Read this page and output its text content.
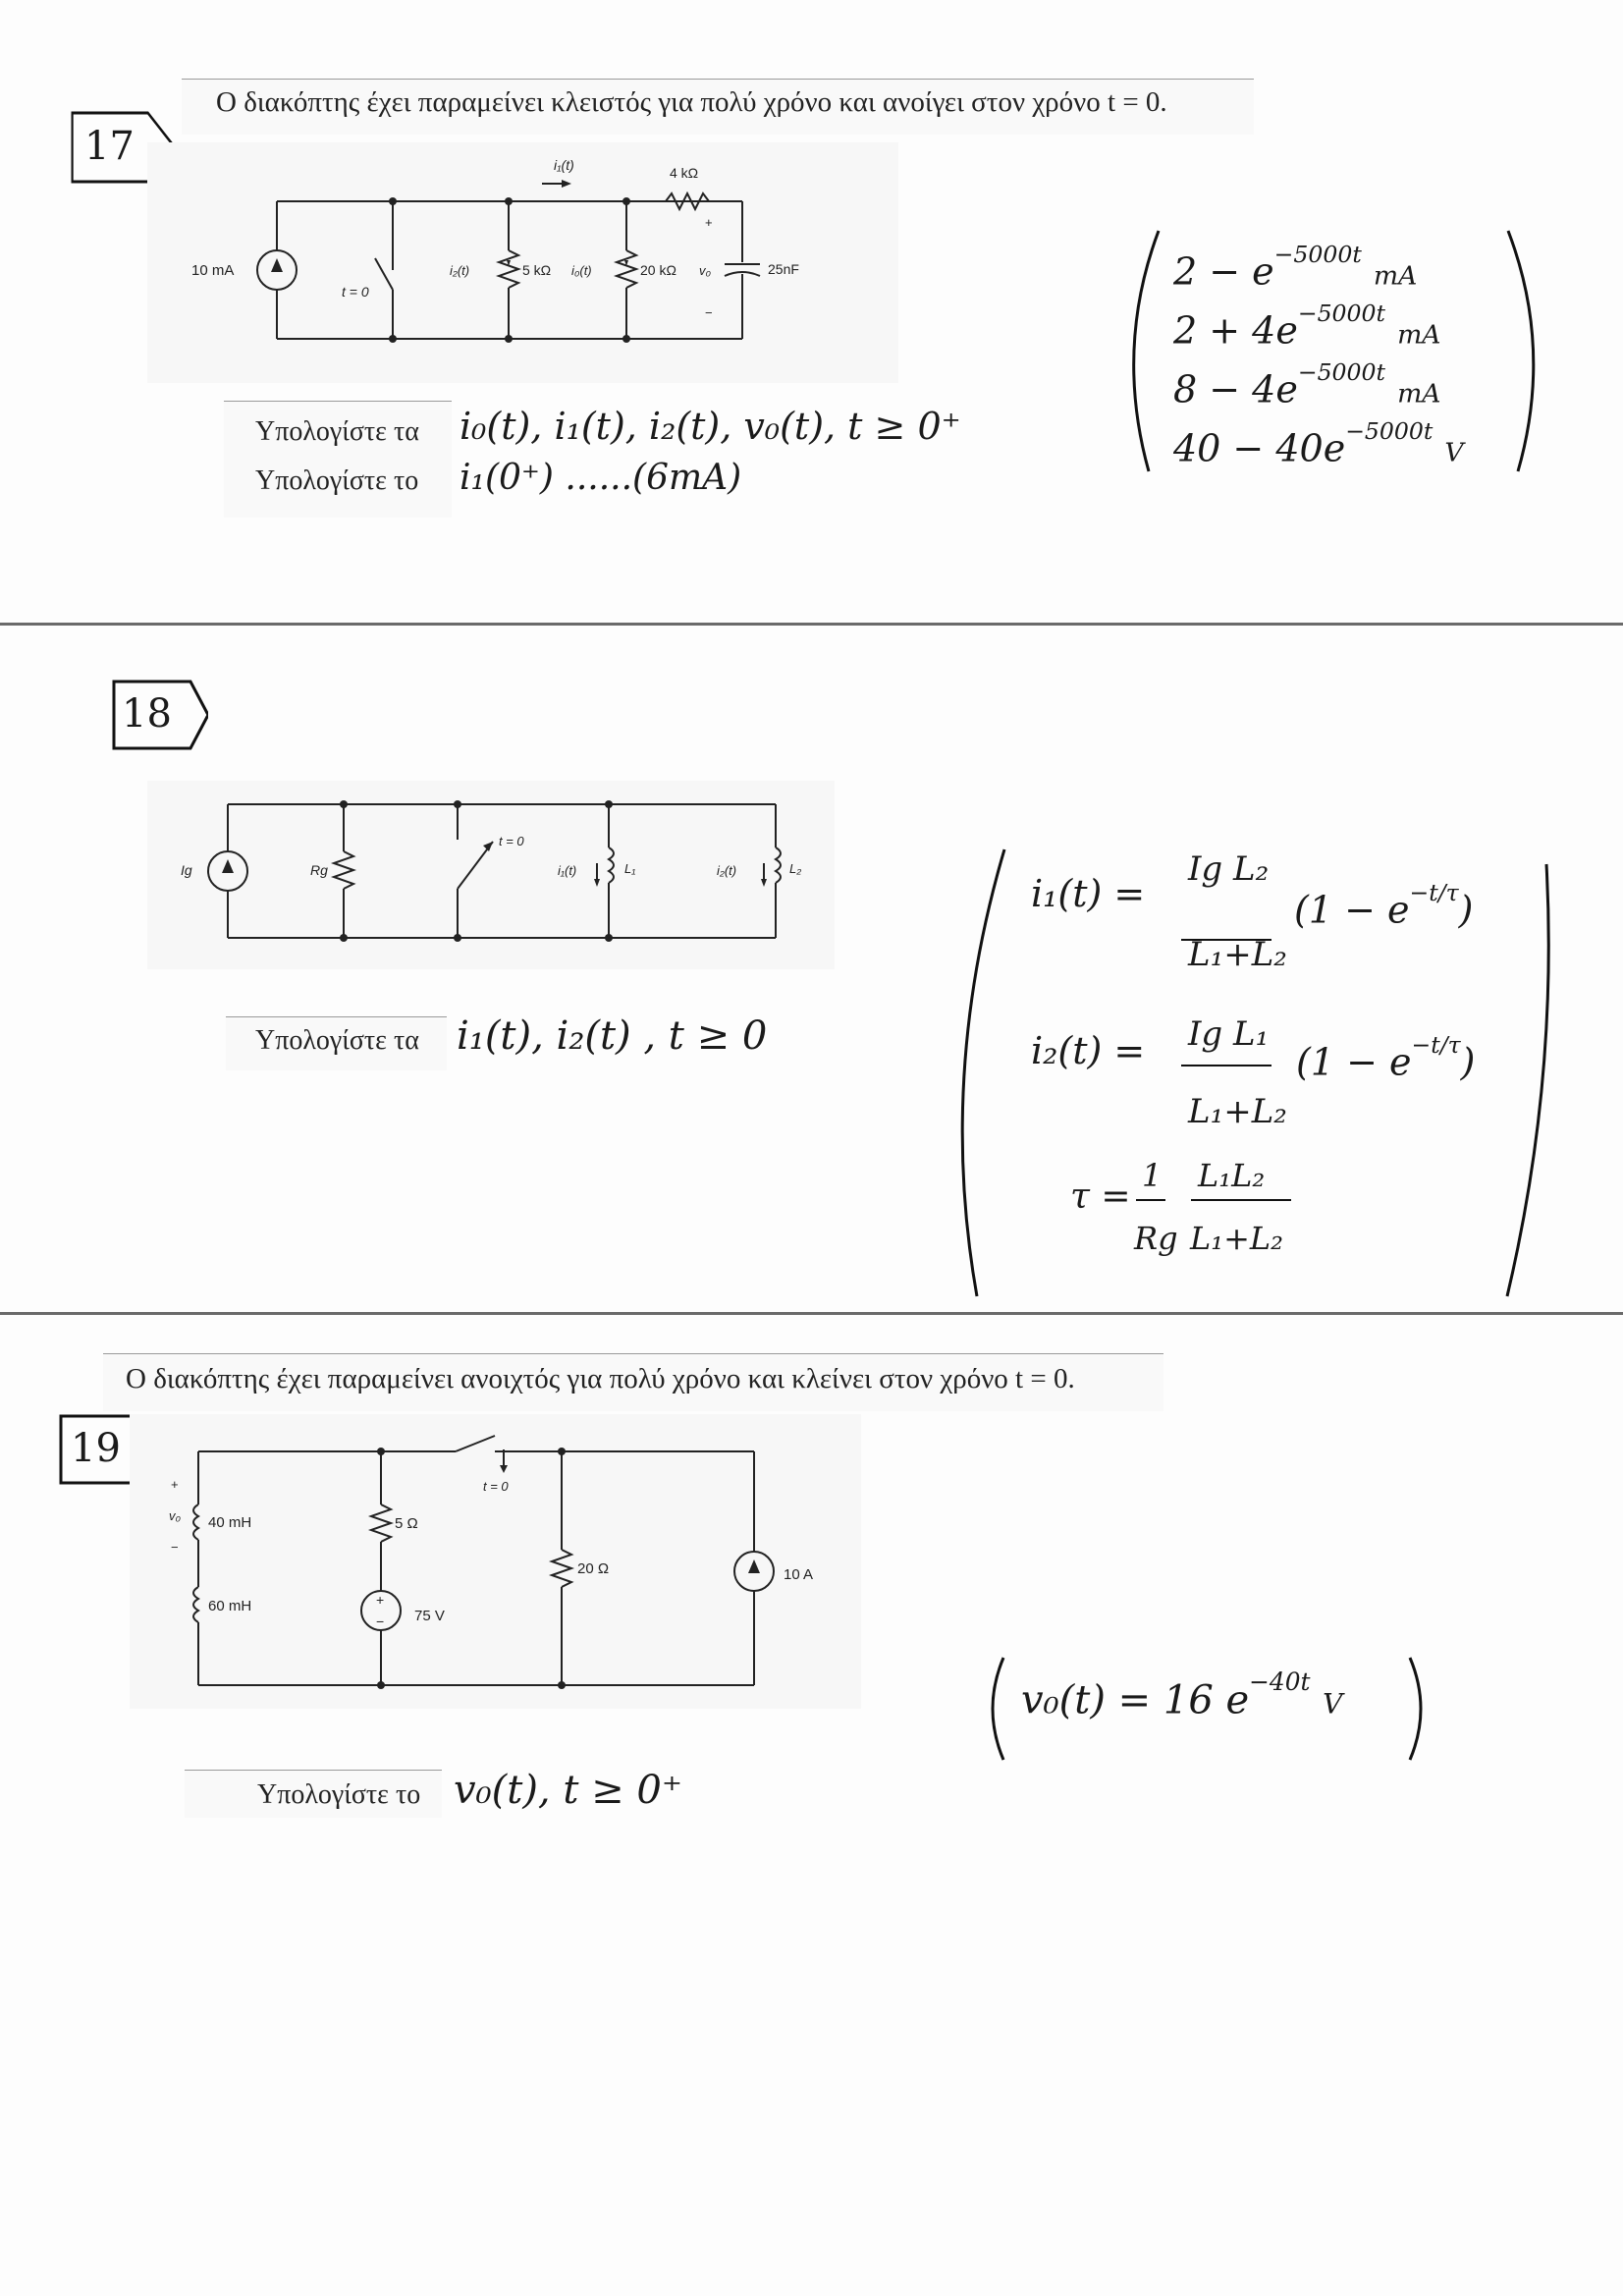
Ο διακόπτης έχει παραμείνει κλειστός για πολύ χρόνο και ανοίγει στον χρόνο t = 0.
17
10 mA
t = 0
i₁(t)	4 kΩ
i₂(t)	5 kΩ i₀(t)	20 kΩ v₀
+
−
25nF
Υπολογίστε τα i₀(t), i₁(t), i₂(t), v₀(t), t ≥ 0⁺
Υπολογίστε το i₁(0⁺) ......(6mA)
$2 - e^{-5000t}$ mA
$2 + 4e^{-5000t}$ mA
$8 - 4e^{-5000t}$ mA
$40 - 40e^{-5000t}$ V
18
Ig	Rg
t = 0
i₁(t)	L₁	i₂(t)	L₂
Υπολογίστε τα i₁(t), i₂(t) , t ≥ 0
i₁(t) =
Ig L₂
L₁+L₂
$(1 - e^{-t/\tau})$
i₂(t) = Ig L₁
L₁+L₂
$(1 - e^{-t/\tau})$
τ =
1
Rg
L₁L₂
L₁+L₂
Ο διακόπτης έχει παραμείνει ανοιχτός για πολύ χρόνο και κλείνει στον χρόνο t = 0.
19
+
v₀
−
40 mH
60 mH
5 Ω
+
− 75 V
t = 0
20 Ω	10 A
Υπολογίστε το v₀(t), t ≥ 0⁺
v₀(t) = 16 $e^{-40t}$ V
